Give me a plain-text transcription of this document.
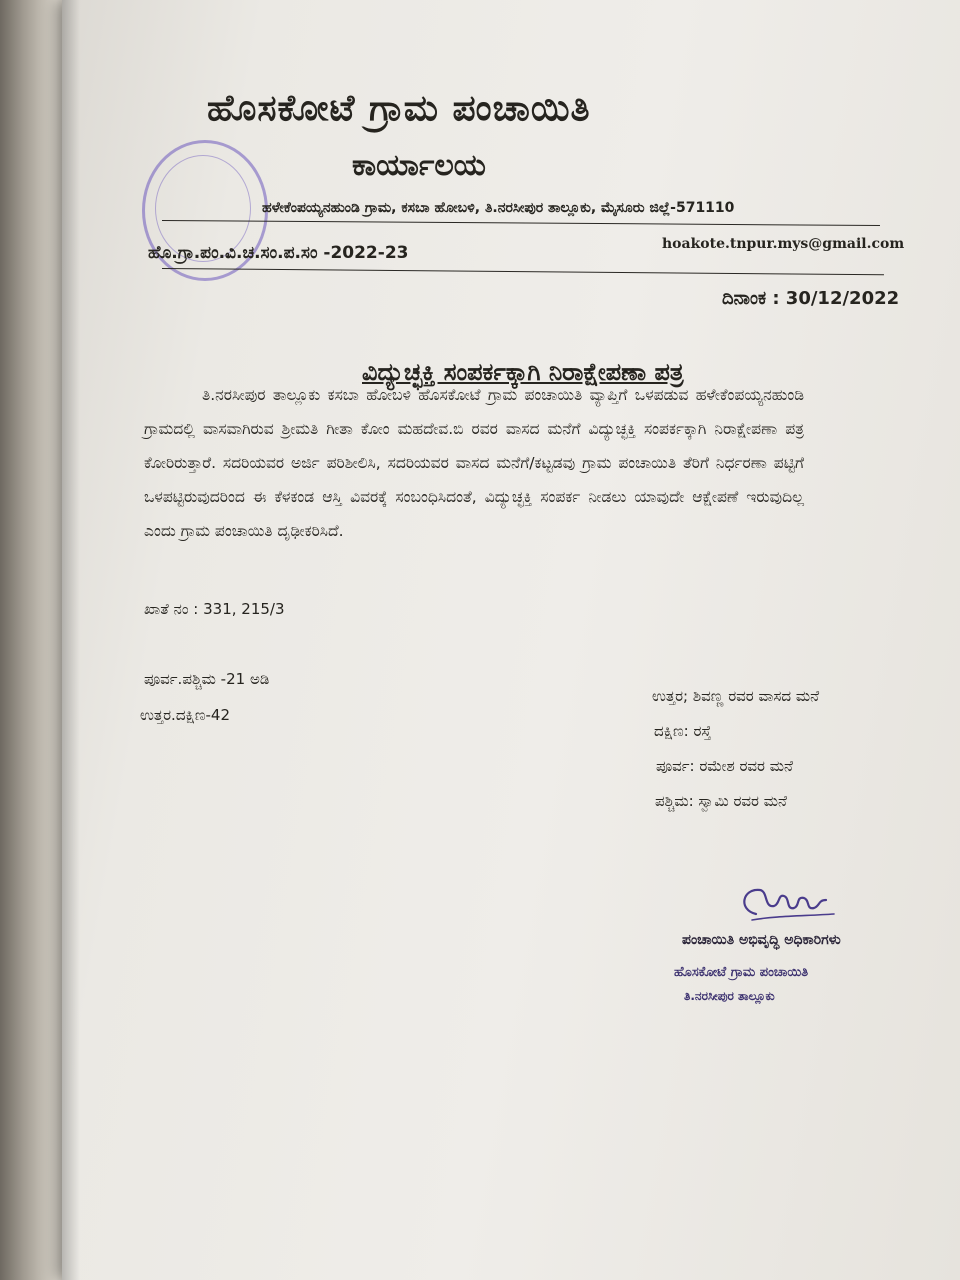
ಹೊಸಕೋಟೆ ಗ್ರಾಮ ಪಂಚಾಯಿತಿ
ಕಾರ್ಯಾಲಯ
ಹಳೇಕೆಂಪಯ್ಯನಹುಂಡಿ ಗ್ರಾಮ, ಕಸಬಾ ಹೋಬಳಿ, ತಿ.ನರಸೀಪುರ ತಾಲ್ಲೂಕು, ಮೈಸೂರು ಜಿಲ್ಲೆ-571110
ಹೊ.ಗ್ರಾ.ಪಂ.ವಿ.ಚ.ಸಂ.ಪ.ಸಂ -2022-23	hoakote.tnpur.mys@gmail.com
ದಿನಾಂಕ : 30/12/2022
ವಿದ್ಯುಚ್ಛಕ್ತಿ ಸಂಪರ್ಕಕ್ಕಾಗಿ ನಿರಾಕ್ಷೇಪಣಾ ಪತ್ರ
ತಿ.ನರಸೀಪುರ ತಾಲ್ಲೂಕು ಕಸಬಾ ಹೋಬಳಿ ಹೊಸಕೋಟೆ ಗ್ರಾಮ ಪಂಚಾಯಿತಿ ವ್ಯಾಪ್ತಿಗೆ ಒಳಪಡುವ ಹಳೇಕೆಂಪಯ್ಯನಹುಂಡಿ ಗ್ರಾಮದಲ್ಲಿ ವಾಸವಾಗಿರುವ ಶ್ರೀಮತಿ ಗೀತಾ ಕೋಂ ಮಹದೇವ.ಬಿ ರವರ ವಾಸದ ಮನೆಗೆ ವಿದ್ಯುಚ್ಛಕ್ತಿ ಸಂಪರ್ಕಕ್ಕಾಗಿ ನಿರಾಕ್ಷೇಪಣಾ ಪತ್ರ ಕೋರಿರುತ್ತಾರೆ. ಸದರಿಯವರ ಅರ್ಜಿ ಪರಿಶೀಲಿಸಿ, ಸದರಿಯವರ ವಾಸದ ಮನೆಗೆ/ಕಟ್ಟಡವು ಗ್ರಾಮ ಪಂಚಾಯಿತಿ ತೆರಿಗೆ ನಿರ್ಧರಣಾ ಪಟ್ಟಿಗೆ ಒಳಪಟ್ಟಿರುವುದರಿಂದ ಈ ಕೆಳಕಂಡ ಆಸ್ತಿ ವಿವರಕ್ಕೆ ಸಂಬಂಧಿಸಿದಂತೆ, ವಿದ್ಯುಚ್ಛಕ್ತಿ ಸಂಪರ್ಕ ನೀಡಲು ಯಾವುದೇ ಆಕ್ಷೇಪಣೆ ಇರುವುದಿಲ್ಲ ಎಂದು ಗ್ರಾಮ ಪಂಚಾಯಿತಿ ದೃಢೀಕರಿಸಿದೆ.
ಖಾತೆ ನಂ : 331, 215/3
ಪೂರ್ವ.ಪಶ್ಚಿಮ -21 ಅಡಿ
ಉತ್ತರ.ದಕ್ಷಿಣ-42
ಉತ್ತರ; ಶಿವಣ್ಣ ರವರ ವಾಸದ ಮನೆ
ದಕ್ಷಿಣ: ರಸ್ತೆ
ಪೂರ್ವ: ರಮೇಶ ರವರ ಮನೆ
ಪಶ್ಚಿಮ: ಸ್ವಾಮಿ ರವರ ಮನೆ
ಪಂಚಾಯಿತಿ ಅಭಿವೃದ್ಧಿ ಅಧಿಕಾರಿಗಳು
ಹೊಸಕೋಟೆ ಗ್ರಾಮ ಪಂಚಾಯಿತಿ
ತಿ.ನರಸೀಪುರ ತಾಲ್ಲೂಕು
